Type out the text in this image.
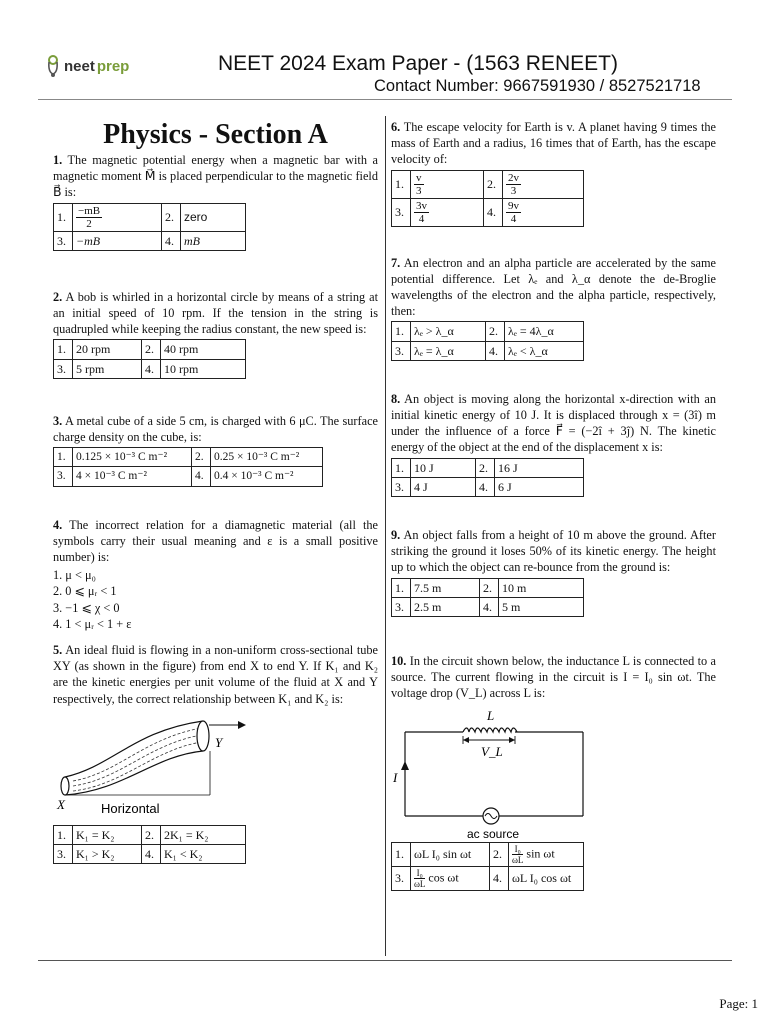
neet prep	NEET 2024 Exam Paper - (1563 RENEET)
Contact Number: 9667591930 / 8527521718
Physics - Section A

1. The magnetic potential energy when a magnetic bar with a magnetic moment M⃗ is placed perpendicular to the magnetic field B⃗ is:

1.	$\frac{-mB}{2}$	2.	zero
3.	−mB	4.	mB

2. A bob is whirled in a horizontal circle by means of a string at an initial speed of 10 rpm. If the tension in the string is quadrupled while keeping the radius constant, the new speed is:

1.	20 rpm	2.	40 rpm
3.	5 rpm	4.	10 rpm

3. A metal cube of a side 5 cm, is charged with 6 μC. The surface charge density on the cube, is:

1.	0.125 × 10⁻³ C m⁻²	2.	0.25 × 10⁻³ C m⁻²
3.	4 × 10⁻³ C m⁻²	4.	0.4 × 10⁻³ C m⁻²

4. The incorrect relation for a diamagnetic material (all the symbols carry their usual meaning and ε is a small positive number) is:

1. μ < μ₀
2. 0 ⩽ μᵣ < 1
3. −1 ⩽ χ < 0
4. 1 < μᵣ < 1 + ε

5. An ideal fluid is flowing in a non-uniform cross-sectional tube XY (as shown in the figure) from end X to end Y. If K₁ and K₂ are the kinetic energies per unit volume of the fluid at X and Y respectively, the correct relationship between K₁ and K₂ is:

X
Y
Horizontal
1.	K₁ = K₂	2.	2K₁ = K₂
3.	K₁ > K₂	4.	K₁ < K₂

6. The escape velocity for Earth is v. A planet having 9 times the mass of Earth and a radius, 16 times that of Earth, has the escape velocity of:

1.	$\frac{v}{3}$	2.	$\frac{2v}{3}$

3.	$\frac{3v}{4}$	4.	$\frac{9v}{4}$

7. An electron and an alpha particle are accelerated by the same potential difference. Let λₑ and λ_α denote the de-Broglie wavelengths of the electron and the alpha particle, respectively, then:

1.	λₑ > λ_α	2.	λₑ = 4λ_α
3.	λₑ = λ_α	4.	λₑ < λ_α

8. An object is moving along the horizontal x-direction with an initial kinetic energy of 10 J. It is displaced through x = (3î) m under the influence of a force F⃗ = (−2î + 3ĵ) N. The kinetic energy of the object at the end of the displacement x is:

1.	10 J	2.	16 J
3.	4 J	4.	6 J

9. An object falls from a height of 10 m above the ground. After striking the ground it loses 50% of its kinetic energy. The height up to which the object can re-bounce from the ground is:

1.	7.5 m	2.	10 m
3.	2.5 m	4.	5 m

10. In the circuit shown below, the inductance L is connected to a source. The current flowing in the circuit is I = I₀ sin ωt. The voltage drop (V_L) across L is:

L
V_L
I
ac source
1.	ωL I₀ sin ωt	2.	$\frac{\text{I₀}}{\omega L}$ sin ωt
3.	$\frac{\text{I₀}}{\omega L}$ cos ωt	4.	ωL I₀ cos ωt
Page: 1
